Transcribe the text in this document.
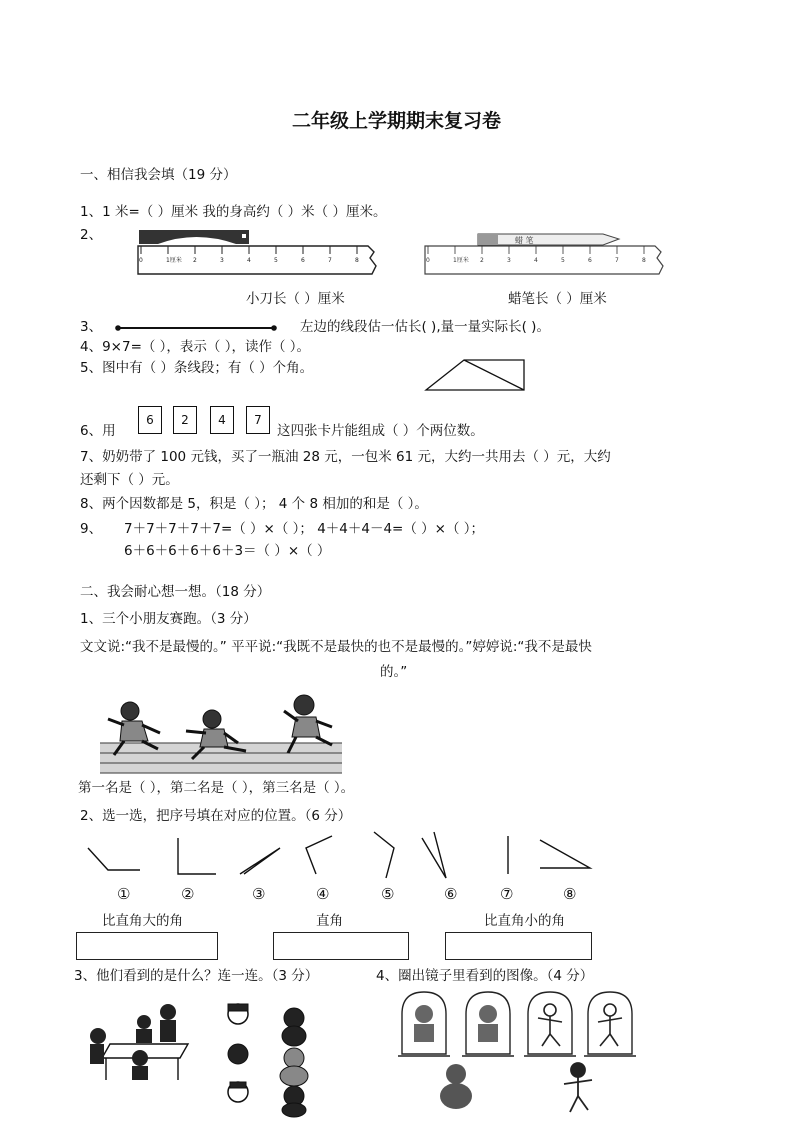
二年级上学期期末复习卷
一、相信我会填（19 分）
1、1 米=（ ）厘米 我的身高约（ ）米（ ）厘米。
2、
0	1厘米 2	3	4	5	6	7	8
蜡 笔
0	1厘米 2	3	4	5	6	7	8
小刀长（ ）厘米	蜡笔长（ ）厘米
3、	左边的线段估一估长( ),量一量实际长( )。
4、9×7=（ ），表示（ ），读作（ ）。
5、图中有（ ）条线段；有（ ）个角。
6、用
6	2	4	7
这四张卡片能组成（ ）个两位数。
7、奶奶带了 100 元钱，买了一瓶油 28 元，一包米 61 元，大约一共用去（ ）元，大约
还剩下（ ）元。
8、两个因数都是 5，积是（ ）； 4 个 8 相加的和是（ ）。
9、 7＋7＋7＋7＋7=（ ）×（ ）； 4＋4＋4－4=（ ）×（ ）；
6＋6＋6＋6＋6＋3＝（ ）×（ ）
二、我会耐心想一想。（18 分）
1、三个小朋友赛跑。（3 分）
文文说:“我不是最慢的。” 平平说:“我既不是最快的也不是最慢的。”婷婷说:“我不是最快
的。”
第一名是（ ），第二名是（ ），第三名是（ ）。
2、选一选，把序号填在对应的位置。（6 分）
①	②	③	④	⑤	⑥	⑦	⑧
比直角大的角	直角	比直角小的角
3、他们看到的是什么？连一连。（3 分）	4、圈出镜子里看到的图像。（4 分）
